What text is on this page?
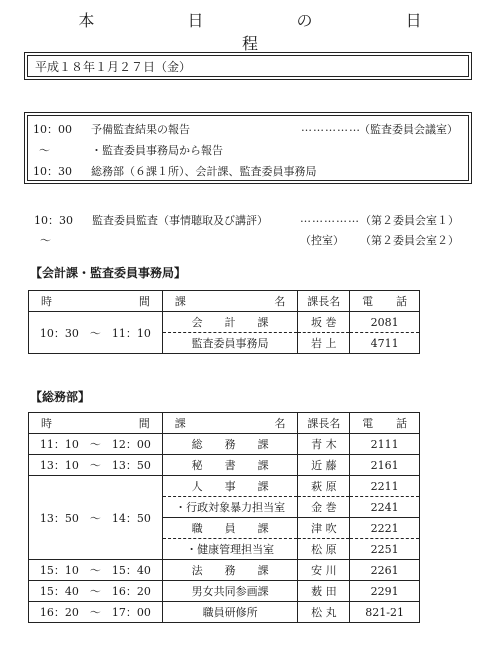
本 日 の 日 程
平成１８年１月２７日（金）
10：00 予備監査結果の報告	……………
（監査委員会議室）
〜	・監査委員事務局から報告
10：30 総務部（６課１所）、会計課、監査委員事務局
10：30 監査委員監査（事情聴取及び講評）	…………… （第２委員会室１）
〜	（控室） （第２委員会室２）
【会計課・監査委員事務局】
時 間	課 名	課長名	電 話

10：30　〜　11：10	会　　計　　課	坂 巻	2081
	監査委員事務局	岩 上	4711
【総務部】
時 間	課 名	課長名	電 話

11：10　〜　12：00	総　　務　　課	青 木	2111
13：10　〜　13：50	秘　　書　　課	近 藤	2161
13：50　〜　14：50	人　　事　　課	萩 原	2211
	・行政対象暴力担当室	金 巻	2241
	職　　員　　課	津 吹	2221
	・健康管理担当室	松 原	2251
15：10　〜　15：40	法　　務　　課	安 川	2261
15：40　〜　16：20	男女共同参画課	薮 田	2291
16：20　〜　17：00	職員研修所	松 丸	821-21
